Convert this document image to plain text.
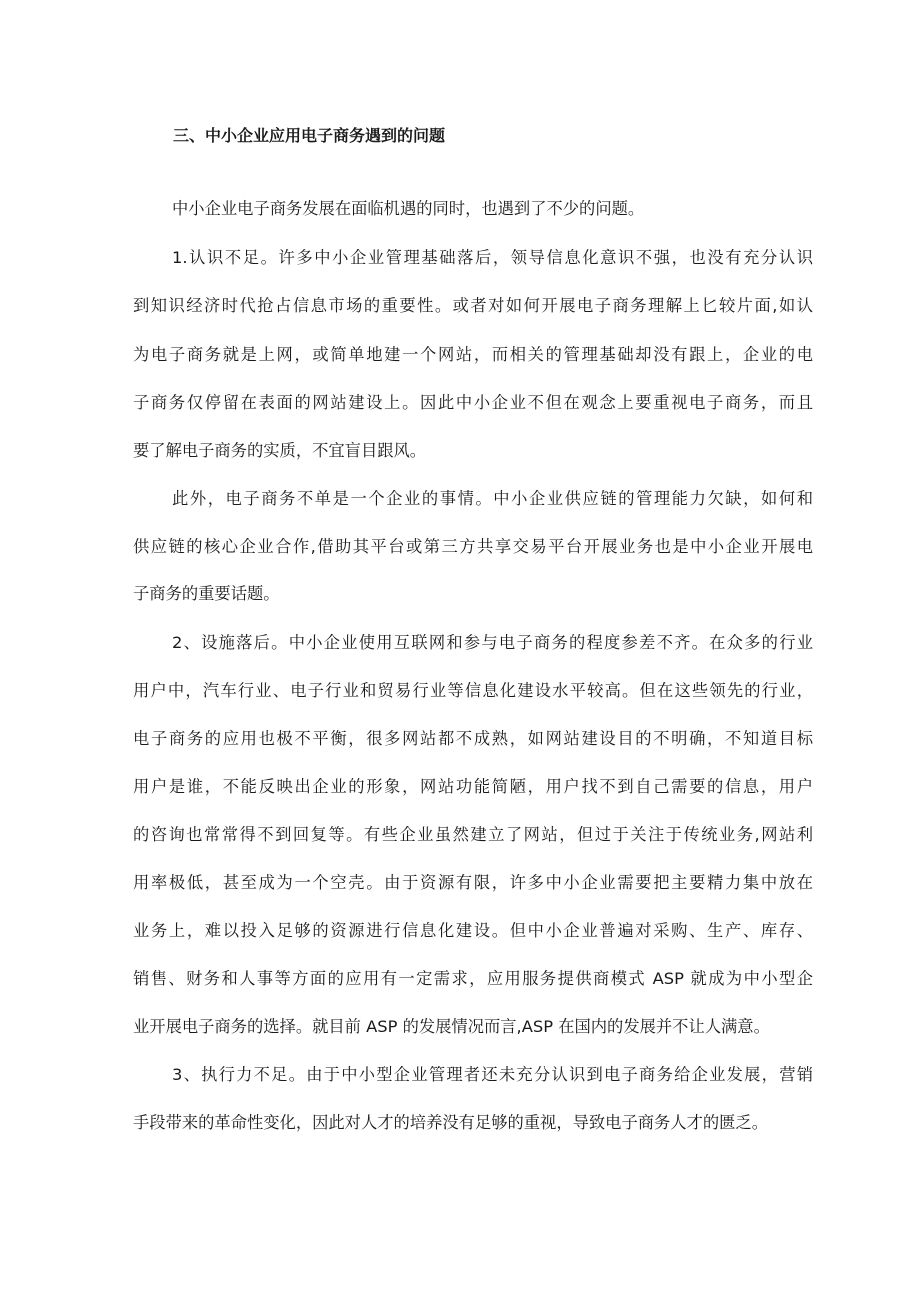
三、中小企业应用电子商务遇到的问题
中小企业电子商务发展在面临机遇的同时，也遇到了不少的问题。
1.认识不足。许多中小企业管理基础落后，领导信息化意识不强，也没有充分认识
到知识经济时代抢占信息市场的重要性。或者对如何开展电子商务理解上匕较片面,如认
为电子商务就是上网，或简单地建一个网站，而相关的管理基础却没有跟上，企业的电
子商务仅停留在表面的网站建设上。因此中小企业不但在观念上要重视电子商务，而且
要了解电子商务的实质，不宜盲目跟风。
此外，电子商务不单是一个企业的事情。中小企业供应链的管理能力欠缺，如何和
供应链的核心企业合作,借助其平台或第三方共享交易平台开展业务也是中小企业开展电
子商务的重要话题。
2、设施落后。中小企业使用互联网和参与电子商务的程度参差不齐。在众多的行业
用户中，汽车行业、电子行业和贸易行业等信息化建设水平较高。但在这些领先的行业，
电子商务的应用也极不平衡，很多网站都不成熟，如网站建设目的不明确，不知道目标
用户是谁，不能反映出企业的形象，网站功能简陋，用户找不到自己需要的信息，用户
的咨询也常常得不到回复等。有些企业虽然建立了网站，但过于关注于传统业务,网站利
用率极低，甚至成为一个空壳。由于资源有限，许多中小企业需要把主要精力集中放在
业务上，难以投入足够的资源进行信息化建设。但中小企业普遍对采购、生产、库存、
销售、财务和人事等方面的应用有一定需求，应用服务提供商模式 ASP 就成为中小型企
业开展电子商务的选择。就目前 ASP 的发展情况而言,ASP 在国内的发展并不让人满意。
3、执行力不足。由于中小型企业管理者还未充分认识到电子商务给企业发展，营销
手段带来的革命性变化，因此对人才的培养没有足够的重视，导致电子商务人才的匮乏。
